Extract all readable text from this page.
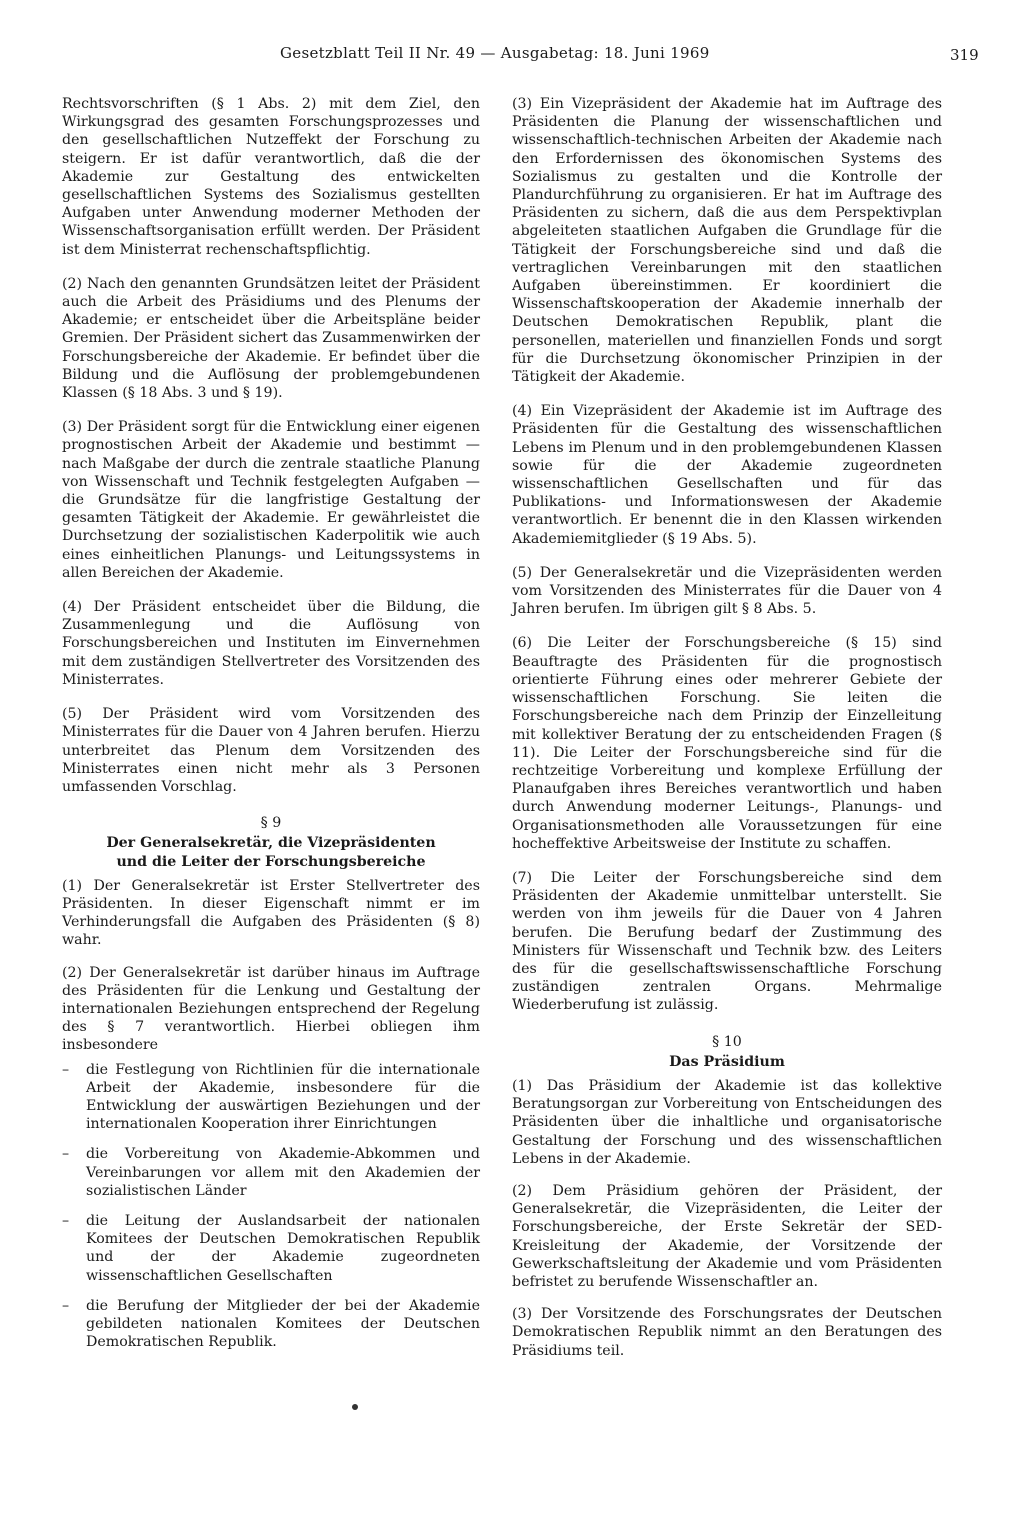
Gesetzblatt Teil II Nr. 49 — Ausgabetag: 18. Juni 1969	319

Rechtsvorschriften (§ 1 Abs. 2) mit dem Ziel, den Wirkungsgrad des gesamten Forschungsprozesses und den gesellschaftlichen Nutzeffekt der Forschung zu steigern. Er ist dafür verantwortlich, daß die der Akademie zur Gestaltung des entwickelten gesellschaftlichen Systems des Sozialismus gestellten Aufgaben unter Anwendung moderner Methoden der Wissenschaftsorganisation erfüllt werden. Der Präsident ist dem Ministerrat rechenschaftspflichtig.

(2) Nach den genannten Grundsätzen leitet der Präsident auch die Arbeit des Präsidiums und des Plenums der Akademie; er entscheidet über die Arbeitspläne beider Gremien. Der Präsident sichert das Zusammenwirken der Forschungsbereiche der Akademie. Er befindet über die Bildung und die Auflösung der problemgebundenen Klassen (§ 18 Abs. 3 und § 19).

(3) Der Präsident sorgt für die Entwicklung einer eigenen prognostischen Arbeit der Akademie und bestimmt — nach Maßgabe der durch die zentrale staatliche Planung von Wissenschaft und Technik festgelegten Aufgaben — die Grundsätze für die langfristige Gestaltung der gesamten Tätigkeit der Akademie. Er gewährleistet die Durchsetzung der sozialistischen Kaderpolitik wie auch eines einheitlichen Planungs- und Leitungssystems in allen Bereichen der Akademie.

(4) Der Präsident entscheidet über die Bildung, die Zusammenlegung und die Auflösung von Forschungsbereichen und Instituten im Einvernehmen mit dem zuständigen Stellvertreter des Vorsitzenden des Ministerrates.

(5) Der Präsident wird vom Vorsitzenden des Ministerrates für die Dauer von 4 Jahren berufen. Hierzu unterbreitet das Plenum dem Vorsitzenden des Ministerrates einen nicht mehr als 3 Personen umfassenden Vorschlag.

§ 9

Der Generalsekretär, die Vizepräsidenten

und die Leiter der Forschungsbereiche

(1) Der Generalsekretär ist Erster Stellvertreter des Präsidenten. In dieser Eigenschaft nimmt er im Verhinderungsfall die Aufgaben des Präsidenten (§ 8) wahr.

(2) Der Generalsekretär ist darüber hinaus im Auftrage des Präsidenten für die Lenkung und Gestaltung der internationalen Beziehungen entsprechend der Regelung des § 7 verantwortlich. Hierbei obliegen ihm insbesondere

–	die Festlegung von Richtlinien für die internationale Arbeit der Akademie, insbesondere für die Entwicklung der auswärtigen Beziehungen und der internationalen Kooperation ihrer Einrichtungen
–	die Vorbereitung von Akademie-Abkommen und Vereinbarungen vor allem mit den Akademien der sozialistischen Länder
–	die Leitung der Auslandsarbeit der nationalen Komitees der Deutschen Demokratischen Republik und der der Akademie zugeordneten wissenschaftlichen Gesellschaften
–	die Berufung der Mitglieder der bei der Akademie gebildeten nationalen Komitees der Deutschen Demokratischen Republik.

(3) Ein Vizepräsident der Akademie hat im Auftrage des Präsidenten die Planung der wissenschaftlichen und wissenschaftlich-technischen Arbeiten der Akademie nach den Erfordernissen des ökonomischen Systems des Sozialismus zu gestalten und die Kontrolle der Plandurchführung zu organisieren. Er hat im Auftrage des Präsidenten zu sichern, daß die aus dem Perspektivplan abgeleiteten staatlichen Aufgaben die Grundlage für die Tätigkeit der Forschungsbereiche sind und daß die vertraglichen Vereinbarungen mit den staatlichen Aufgaben übereinstimmen. Er koordiniert die Wissenschaftskooperation der Akademie innerhalb der Deutschen Demokratischen Republik, plant die personellen, materiellen und finanziellen Fonds und sorgt für die Durchsetzung ökonomischer Prinzipien in der Tätigkeit der Akademie.

(4) Ein Vizepräsident der Akademie ist im Auftrage des Präsidenten für die Gestaltung des wissenschaftlichen Lebens im Plenum und in den problemgebundenen Klassen sowie für die der Akademie zugeordneten wissenschaftlichen Gesellschaften und für das Publikations- und Informationswesen der Akademie verantwortlich. Er benennt die in den Klassen wirkenden Akademiemitglieder (§ 19 Abs. 5).

(5) Der Generalsekretär und die Vizepräsidenten werden vom Vorsitzenden des Ministerrates für die Dauer von 4 Jahren berufen. Im übrigen gilt § 8 Abs. 5.

(6) Die Leiter der Forschungsbereiche (§ 15) sind Beauftragte des Präsidenten für die prognostisch orientierte Führung eines oder mehrerer Gebiete der wissenschaftlichen Forschung. Sie leiten die Forschungsbereiche nach dem Prinzip der Einzelleitung mit kollektiver Beratung der zu entscheidenden Fragen (§ 11). Die Leiter der Forschungsbereiche sind für die rechtzeitige Vorbereitung und komplexe Erfüllung der Planaufgaben ihres Bereiches verantwortlich und haben durch Anwendung moderner Leitungs-, Planungs- und Organisationsmethoden alle Voraussetzungen für eine hocheffektive Arbeitsweise der Institute zu schaffen.

(7) Die Leiter der Forschungsbereiche sind dem Präsidenten der Akademie unmittelbar unterstellt. Sie werden von ihm jeweils für die Dauer von 4 Jahren berufen. Die Berufung bedarf der Zustimmung des Ministers für Wissenschaft und Technik bzw. des Leiters des für die gesellschaftswissenschaftliche Forschung zuständigen zentralen Organs. Mehrmalige Wiederberufung ist zulässig.

§ 10

Das Präsidium

(1) Das Präsidium der Akademie ist das kollektive Beratungsorgan zur Vorbereitung von Entscheidungen des Präsidenten über die inhaltliche und organisatorische Gestaltung der Forschung und des wissenschaftlichen Lebens in der Akademie.

(2) Dem Präsidium gehören der Präsident, der Generalsekretär, die Vizepräsidenten, die Leiter der Forschungsbereiche, der Erste Sekretär der SED-Kreisleitung der Akademie, der Vorsitzende der Gewerkschaftsleitung der Akademie und vom Präsidenten befristet zu berufende Wissenschaftler an.

(3) Der Vorsitzende des Forschungsrates der Deutschen Demokratischen Republik nimmt an den Beratungen des Präsidiums teil.
